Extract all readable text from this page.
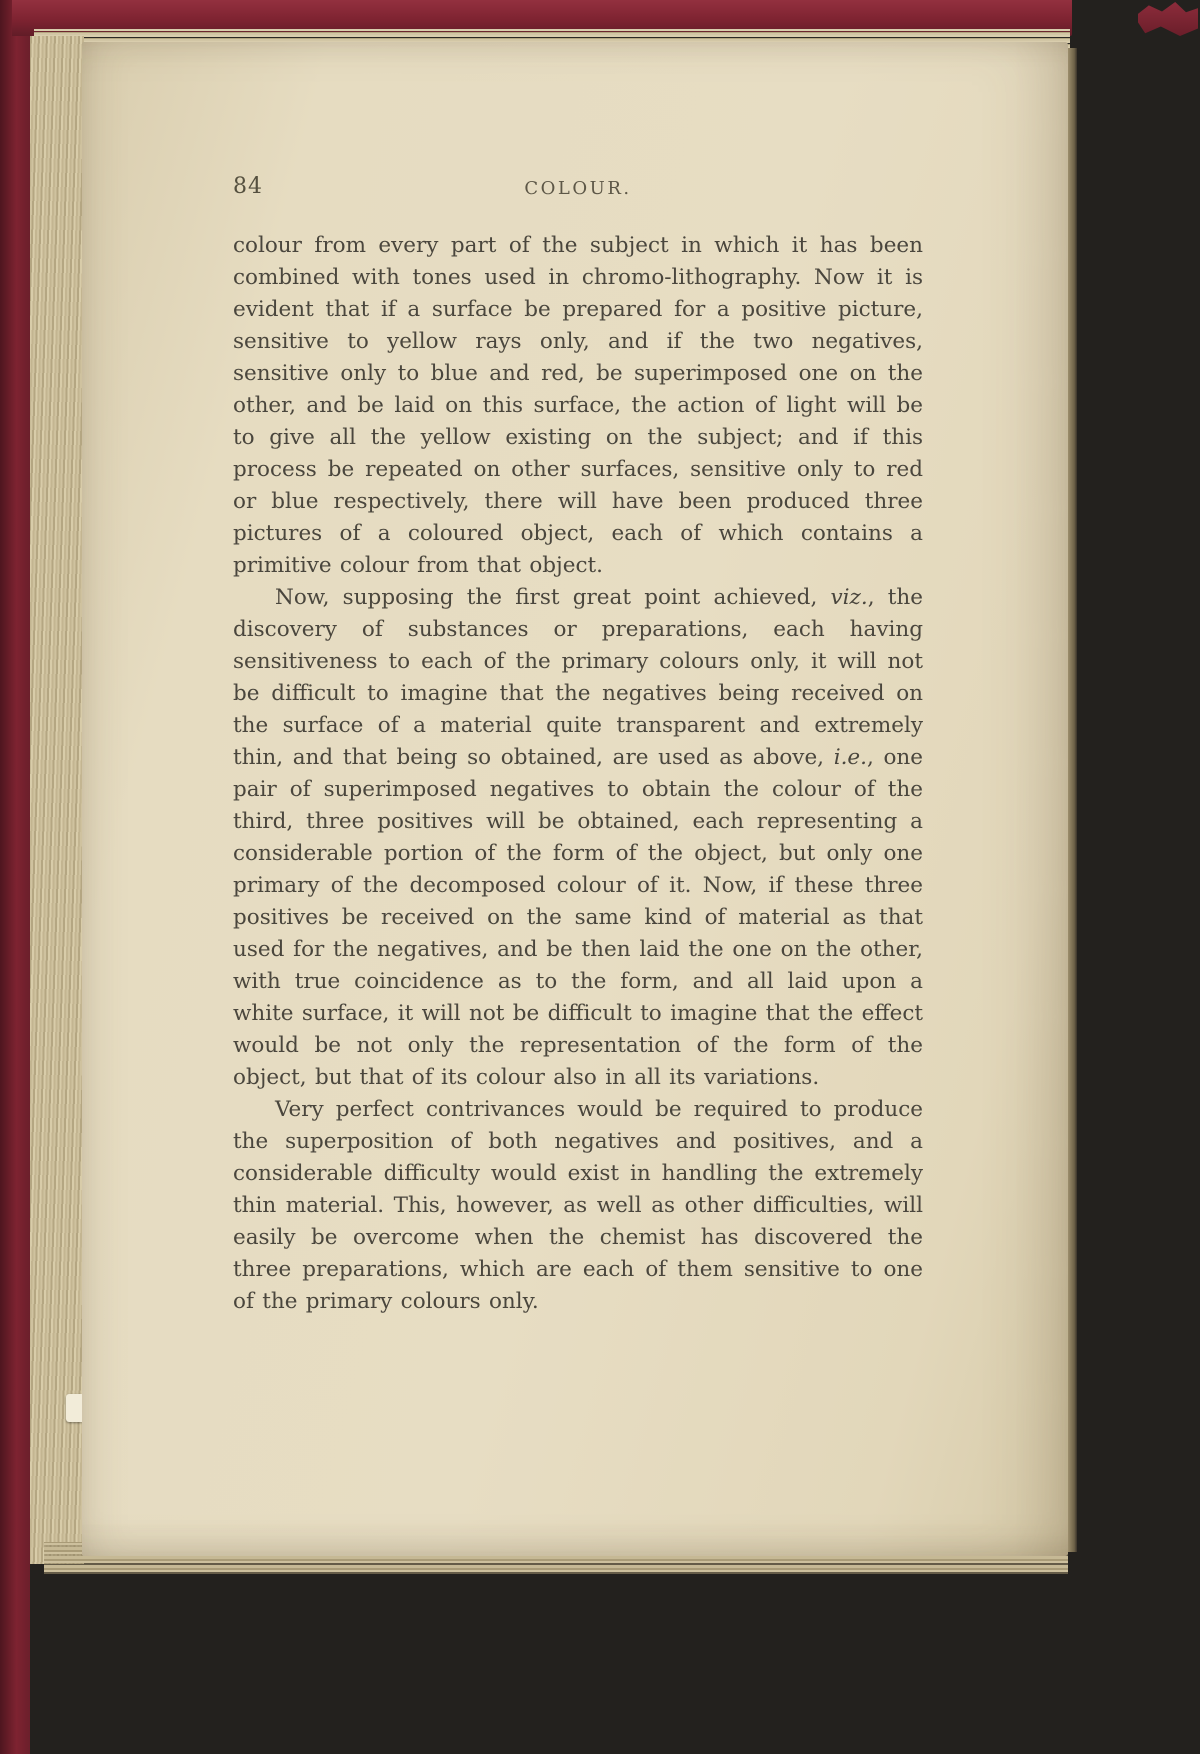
84	COLOUR.

colour from every part of the subject in which it has been combined with tones used in chromo-lithography. Now it is evident that if a surface be prepared for a positive picture, sensitive to yellow rays only, and if the two negatives, sensitive only to blue and red, be superimposed one on the other, and be laid on this surface, the action of light will be to give all the yellow existing on the subject; and if this process be repeated on other surfaces, sensitive only to red or blue respectively, there will have been produced three pictures of a coloured object, each of which contains a primitive colour from that object.

Now, supposing the first great point achieved, viz., the discovery of substances or preparations, each having sensitiveness to each of the primary colours only, it will not be difficult to imagine that the negatives being received on the surface of a material quite transparent and extremely thin, and that being so obtained, are used as above, i.e., one pair of superimposed negatives to obtain the colour of the third, three positives will be obtained, each representing a considerable portion of the form of the object, but only one primary of the decomposed colour of it. Now, if these three positives be received on the same kind of material as that used for the negatives, and be then laid the one on the other, with true coincidence as to the form, and all laid upon a white surface, it will not be difficult to imagine that the effect would be not only the representation of the form of the object, but that of its colour also in all its variations.

Very perfect contrivances would be required to produce the superposition of both negatives and positives, and a considerable difficulty would exist in handling the extremely thin material. This, however, as well as other difficulties, will easily be overcome when the chemist has discovered the three preparations, which are each of them sensitive to one of the primary colours only.
